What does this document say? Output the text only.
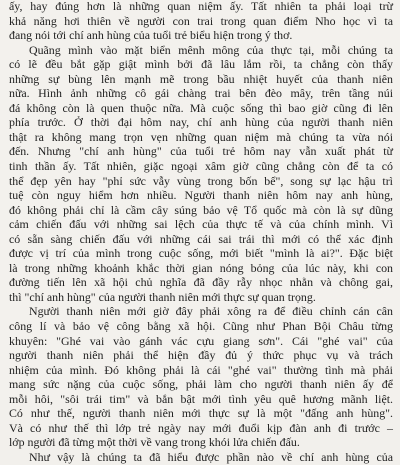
ấy, hay đúng hơn là những quan niệm ấy. Tất nhiên ta phải loại trừ
khả năng hơi thiên về người con trai trong quan điểm Nho học vì ta
đang nói tới chí anh hùng của tuổi trẻ biểu hiện trong ý thơ.

Quãng mình vào mặt biển mênh mông của thực tại, mỗi chúng ta
có lẽ đều bắt gặp giật mình bởi đã lâu lắm rồi, ta chẳng còn thấy
những sự bùng lên mạnh mẽ trong bầu nhiệt huyết của thanh niên
nữa. Hình ảnh những cô gái chàng trai bên đèo mây, trên tầng núi
đá không còn là quen thuộc nữa. Mà cuộc sống thì bao giờ cũng đi lên
phía trước. Ở thời đại hôm nay, chí anh hùng của người thanh niên
thật ra không mang trọn vẹn những quan niệm mà chúng ta vừa nói
đến. Nhưng "chí anh hùng" của tuổi trẻ hôm nay vẫn xuất phát từ
tinh thần ấy. Tất nhiên, giặc ngoại xâm giờ cũng chẳng còn để ta có
thể đẹp yên hay "phỉ sức vẫy vùng trong bốn bể", song sự lạc hậu trì
tuệ còn nguy hiểm hơn nhiều. Người thanh niên hôm nay anh hùng,
đó không phải chỉ là cầm cây súng bảo vệ Tổ quốc mà còn là sự dũng
cảm chiến đấu với những sai lệch của thực tế và của chính mình. Vì
có sẵn sàng chiến đấu với những cái sai trái thì mới có thể xác định
được vị trí của mình trong cuộc sống, mới biết "mình là ai?". Đặc biệt
là trong những khoảnh khắc thời gian nóng bỏng của lúc này, khi con
đường tiến lên xã hội chủ nghĩa đã đầy rẫy nhọc nhằn và chông gai,
thì "chí anh hùng" của người thanh niên mới thực sự quan trọng.

Người thanh niên mới giờ đây phải xông ra để điều chỉnh cán cân
công lí và bảo vệ công bằng xã hội. Cũng như Phan Bội Châu từng
khuyên: "Ghé vai vào gánh vác cựu giang sơn". Cái "ghé vai" của
người thanh niên phải thể hiện đầy đủ ý thức phục vụ và trách
nhiệm của mình. Đó không phải là cái "ghé vai" thường tình mà phải
mang sức nặng của cuộc sống, phải làm cho người thanh niên ấy để
mỗi hôi, "sôi trái tim" và bắn bật mới tình yêu quê hương mãnh liệt.
Có như thế, người thanh niên mới thực sự là một "đấng anh hùng".
Và có như thế thì lớp trẻ ngày nay mới đuổi kịp đàn anh đi trước –
lớp người đã từng một thời về vang trong khói lửa chiến đấu.

Như vậy là chúng ta đã hiểu được phần nào về chí anh hùng của
